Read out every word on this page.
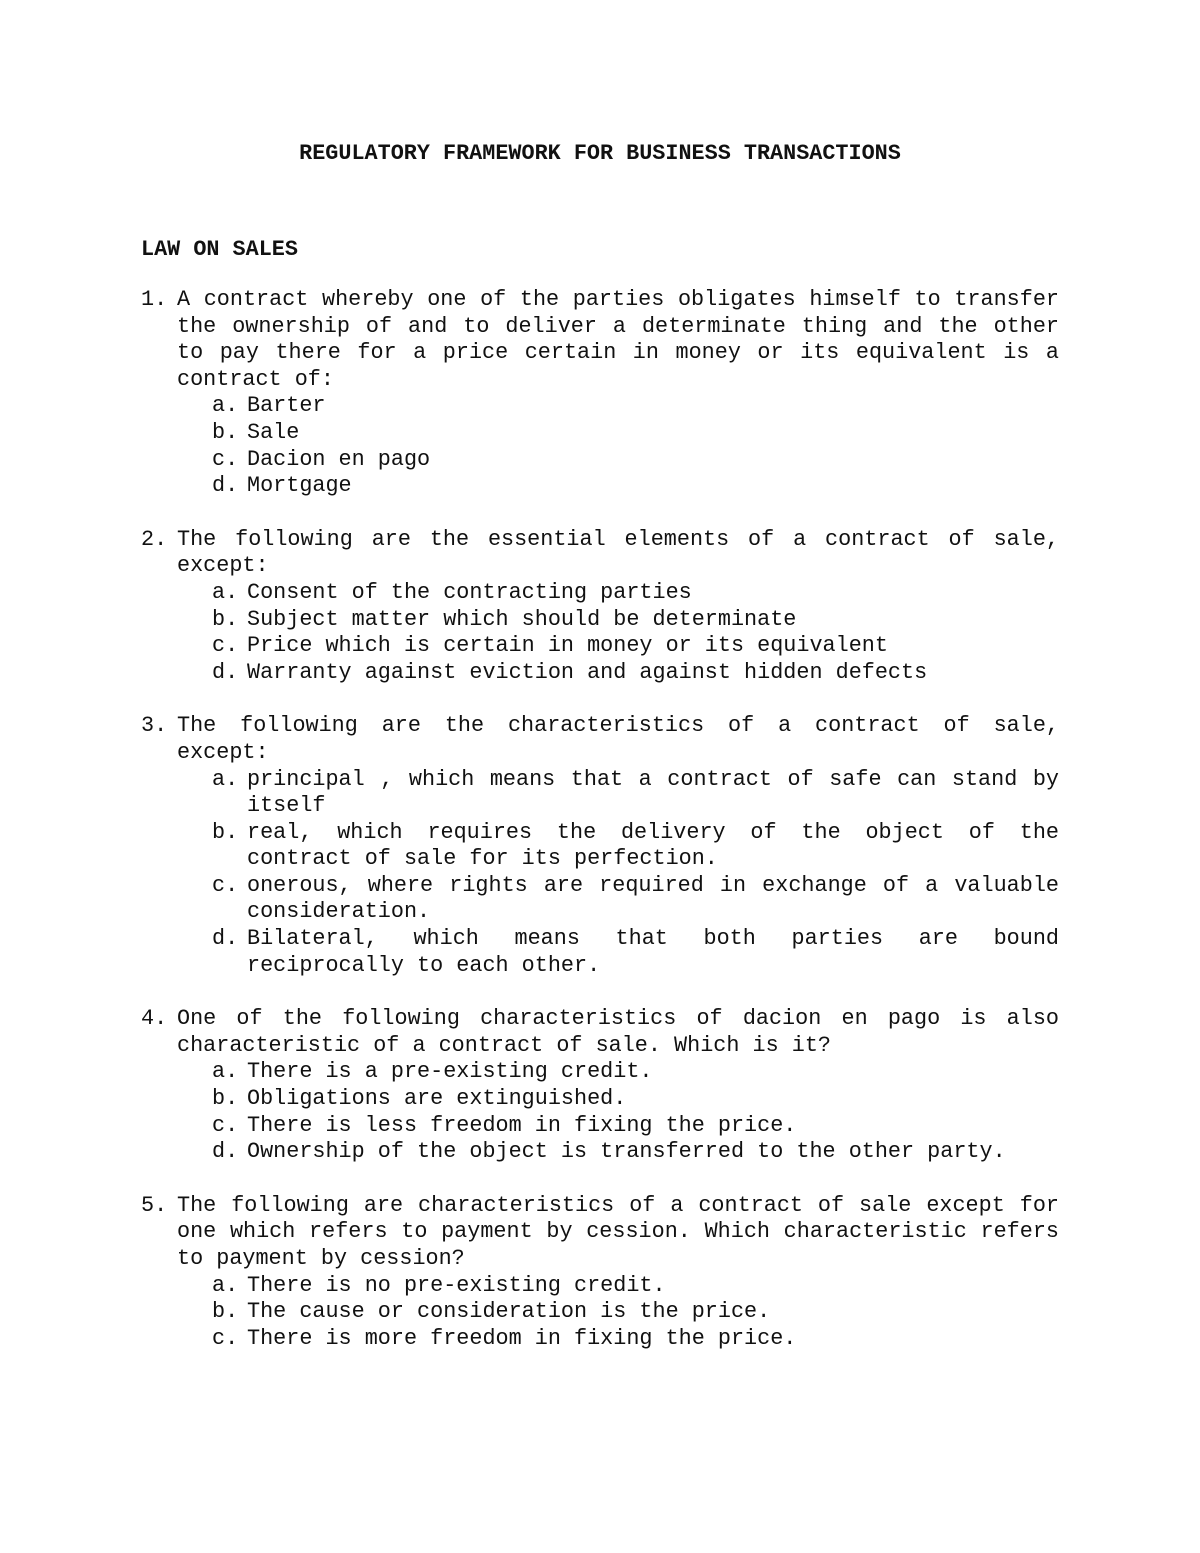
REGULATORY FRAMEWORK FOR BUSINESS TRANSACTIONS
LAW ON SALES
1. A contract whereby one of the parties obligates himself to transfer the ownership of and to deliver a determinate thing and the other to pay there for a price certain in money or its equivalent is a contract of:
a. Barter
b. Sale
c. Dacion en pago
d. Mortgage
2. The following are the essential elements of a contract of sale, except:
a. Consent of the contracting parties
b. Subject matter which should be determinate
c. Price which is certain in money or its equivalent
d. Warranty against eviction and against hidden defects
3. The following are the characteristics of a contract of sale, except:
a. principal , which means that a contract of safe can stand by itself
b. real, which requires the delivery of the object of the contract of sale for its perfection.
c. onerous, where rights are required in exchange of a valuable consideration.
d. Bilateral, which means that both parties are bound reciprocally to each other.
4. One of the following characteristics of dacion en pago is also characteristic of a contract of sale. Which is it?
a. There is a pre-existing credit.
b. Obligations are extinguished.
c. There is less freedom in fixing the price.
d. Ownership of the object is transferred to the other party.
5. The following are characteristics of a contract of sale except for one which refers to payment by cession. Which characteristic refers to payment by cession?
a. There is no pre-existing credit.
b. The cause or consideration is the price.
c. There is more freedom in fixing the price.
